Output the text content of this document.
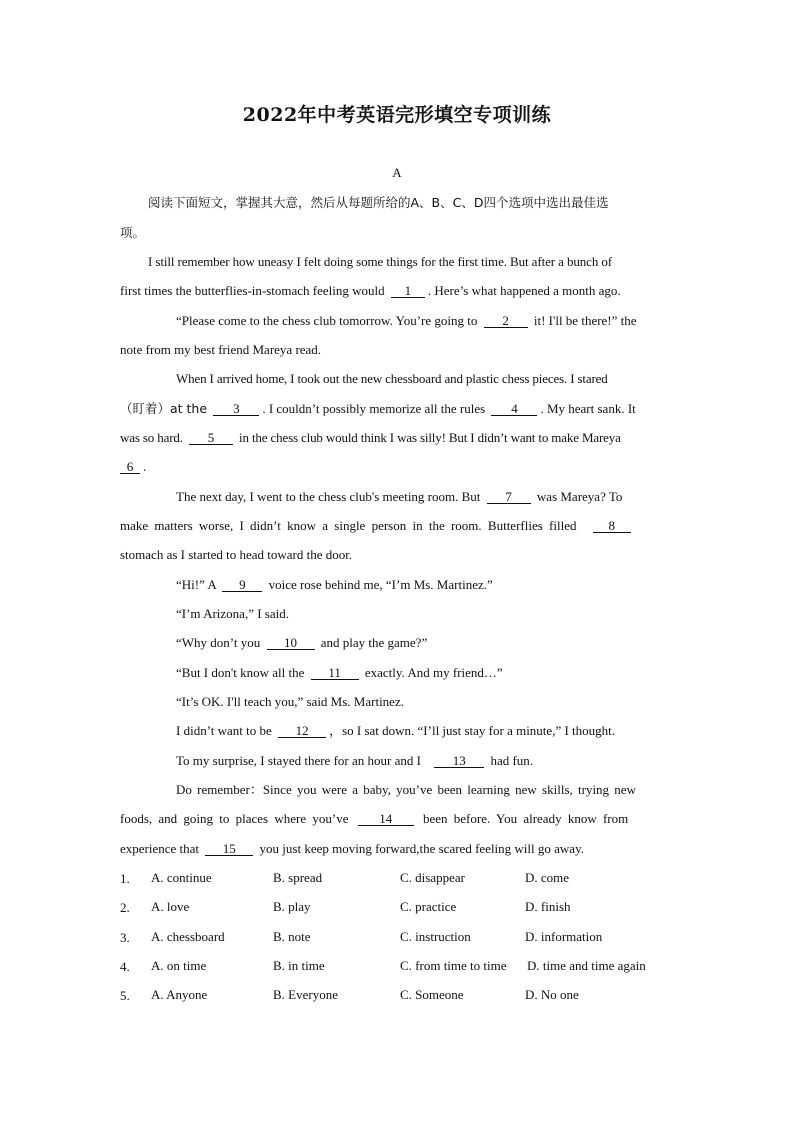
2022年中考英语完形填空专项训练
A
阅读下面短文，掌握其大意，然后从每题所给的A、B、C、D四个选项中选出最佳选
项。
I still remember how uneasy I felt doing some things for the first time. But after a bunch of
first times the butterflies-in-stomach feeling would 1 . Here’s what happened a month ago.
“Please come to the chess club tomorrow. You’re going to 2 it! I'll be there!” the
note from my best friend Mareya read.
When I arrived home, I took out the new chessboard and plastic chess pieces. I stared
（盯着）at the 3 . I couldn’t possibly memorize all the rules 4 . My heart sank. It
was so hard. 5 in the chess club would think I was silly! But I didn’t want to make Mareya
6 .
The next day, I went to the chess club's meeting room. But 7 was Mareya? To
make matters worse, I didn’t know a single person in the room. Butterflies filled 8
stomach as I started to head toward the door.
“Hi!” A 9 voice rose behind me, “I’m Ms. Martinez.”
“I’m Arizona,” I said.
“Why don’t you 10 and play the game?”
“But I don't know all the 11 exactly. And my friend…”
“It’s OK. I'll teach you,” said Ms. Martinez.
I didn’t want to be 12 ，so I sat down. “I’ll just stay for a minute,” I thought.
To my surprise, I stayed there for an hour and I 13 had fun.
Do remember：Since you were a baby, you’ve been learning new skills, trying new
foods, and going to places where you’ve 14 been before. You already know from
experience that 15 you just keep moving forward,the scared feeling will go away.
1. A. continue	B. spread	C. disappear	D. come
2. A. love	B. play	C. practice	D. finish
3. A. chessboard	B. note	C. instruction	D. information
4. A. on time	B. in time	C. from time to time D. time and time again
5. A. Anyone	B. Everyone	C. Someone	D. No one
